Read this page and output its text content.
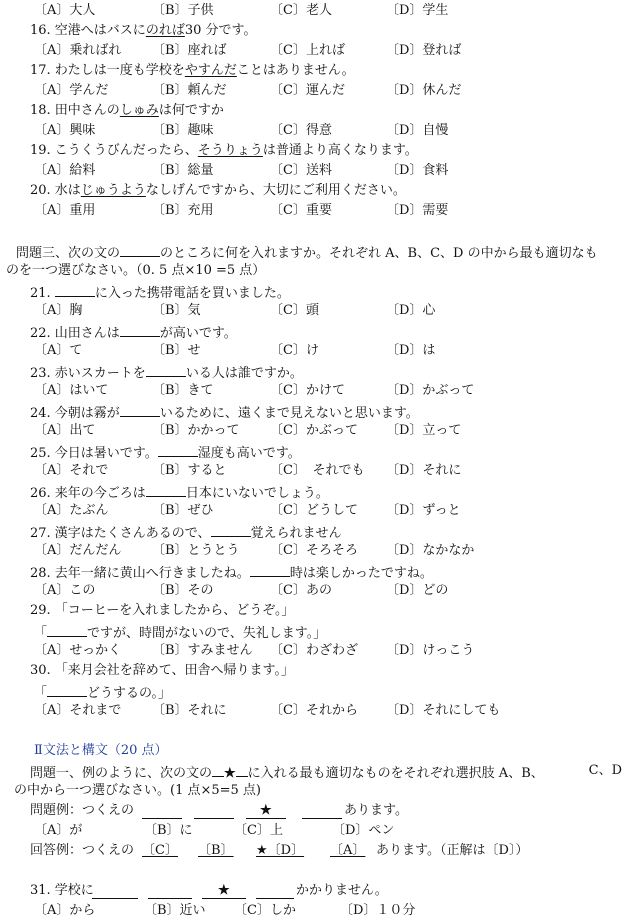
〔A〕大人	〔B〕子供	〔C〕老人	〔D〕学生
16. 空港へはバスにのれば30 分です。
〔A〕乗ればれ 〔B〕座れば	〔C〕上れば	〔D〕登れば
17. わたしは一度も学校をやすんだことはありません。
〔A〕学んだ	〔B〕頼んだ	〔C〕運んだ	〔D〕休んだ
18. 田中さんのしゅみは何ですか
〔A〕興味	〔B〕趣味	〔C〕得意	〔D〕自慢
19. こうくうびんだったら、そうりょうは普通より高くなります。
〔A〕給料	〔B〕総量	〔C〕送料	〔D〕食料
20. 水はじゅうようなしげんですから、大切にご利用ください。
〔A〕重用	〔B〕充用	〔C〕重要	〔D〕需要
問題三、次の文の	のところに何を入れますか。それぞれ A、B、C、D の中から最も適切なも
のを一つ選びなさい。（0. 5 点×10 =5 点）
21.	に入った携帯電話を買いました。
〔A〕胸	〔B〕気	〔C〕頭	〔D〕心
22. 山田さんは	が高いです。
〔A〕て	〔B〕せ	〔C〕け	〔D〕は
23. 赤いスカートを	いる人は誰ですか。
〔A〕はいて	〔B〕きて	〔C〕かけて	〔D〕かぶって
24. 今朝は霧が	いるために、遠くまで見えないと思います。
〔A〕出て	〔B〕かかって 〔C〕かぶって 〔D〕立って
25. 今日は暑いです。	湿度も高いです。
〔A〕それで	〔B〕すると	〔C〕　それでも 〔D〕それに
26. 来年の今ごろは	日本にいないでしょう。
〔A〕たぶん	〔B〕ぜひ	〔C〕どうして 〔D〕ずっと
27. 漢字はたくさんあるので、	覚えられません
〔A〕だんだん 〔B〕とうとう 〔C〕そろそろ 〔D〕なかなか
28. 去年一緒に黄山へ行きましたね。	時は楽しかったですね。
〔A〕この	〔B〕その	〔C〕あの	〔D〕どの
29. 「コーヒーを入れましたから、どうぞ。」
「	ですが、時間がないので、失礼します。」
〔A〕せっかく 〔B〕すみません 〔C〕わざわざ 〔D〕けっこう
30. 「来月会社を辞めて、田舎へ帰ります。」
「	どうするの。」
〔A〕それまで 〔B〕それに	〔C〕それから 〔D〕それにしても
Ⅱ文法と構文（20 点）
問題一、例のように、次の文の ★ に入れる最も適切なものをそれぞれ選択肢 A、B、	C、D
の中から一つ選びなさい。(1 点×5=5 点)
問題例：つくえの	★	あります。
〔A〕が	〔B〕に	〔C〕上	〔D〕ペン
回答例：つくえの 〔C〕 〔B〕 ★〔D〕 〔A〕 あります。（正解は〔D〕）
31. 学校に	★	かかりません。
〔A〕から	〔B〕近い 〔C〕しか	〔D〕１０分
